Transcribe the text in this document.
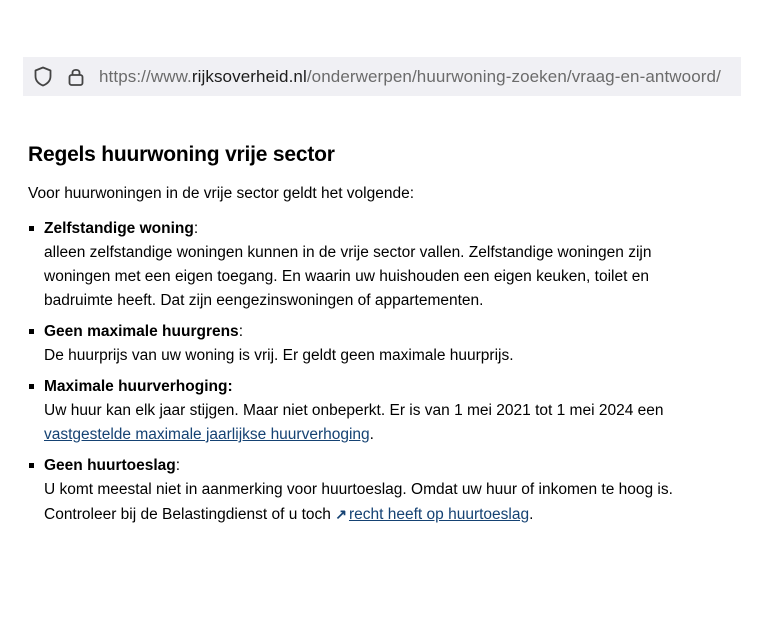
https://www.rijksoverheid.nl/onderwerpen/huurwoning-zoeken/vraag-en-antwoord/
Regels huurwoning vrije sector

Voor huurwoningen in de vrije sector geldt het volgende:

Zelfstandige woning:
alleen zelfstandige woningen kunnen in de vrije sector vallen. Zelfstandige woningen zijn woningen met een eigen toegang. En waarin uw huishouden een eigen keuken, toilet en badruimte heeft. Dat zijn eengezinswoningen of appartementen.
Geen maximale huurgrens:
De huurprijs van uw woning is vrij. Er geldt geen maximale huurprijs.
Maximale huurverhoging:
Uw huur kan elk jaar stijgen. Maar niet onbeperkt. Er is van 1 mei 2021 tot 1 mei 2024 een
vastgestelde maximale jaarlijkse huurverhoging.
Geen huurtoeslag:
U komt meestal niet in aanmerking voor huurtoeslag. Omdat uw huur of inkomen te hoog is. Controleer bij de Belastingdienst of u toch ↗ recht heeft op huurtoeslag.
